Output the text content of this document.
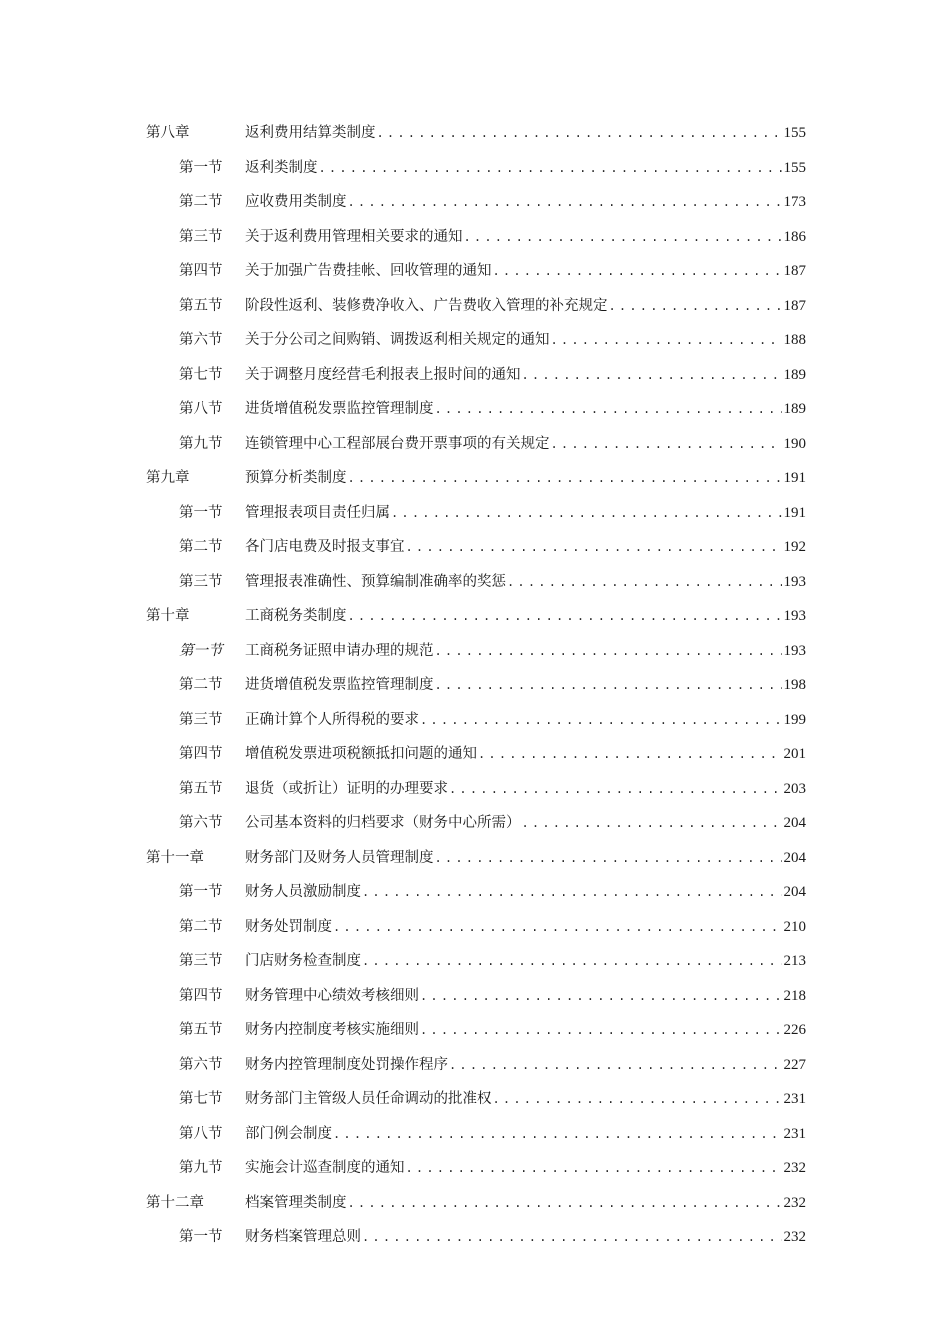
第八章	返利费用结算类制度 .....	155
第一节 返利类制度 .....	155
第二节 应收费用类制度 .....	173
第三节 关于返利费用管理相关要求的通知 .....	186
第四节 关于加强广告费挂帐、回收管理的通知 .....	187
第五节 阶段性返利、装修费净收入、广告费收入管理的补充规定 .....	187
第六节 关于分公司之间购销、调拨返利相关规定的通知 .....	188
第七节 关于调整月度经营毛利报表上报时间的通知 .....	189
第八节 进货增值税发票监控管理制度 .....	189
第九节 连锁管理中心工程部展台费开票事项的有关规定 .....	190
第九章	预算分析类制度 .....	191
第一节 管理报表项目责任归属 .....	191
第二节 各门店电费及时报支事宜 .....	192
第三节 管理报表准确性、预算编制准确率的奖惩 .....	193
第十章	工商税务类制度 .....	193
第一节 工商税务证照申请办理的规范 .....	193
第二节 进货增值税发票监控管理制度 .....	198
第三节 正确计算个人所得税的要求 .....	199
第四节 增值税发票进项税额抵扣问题的通知 .....	201
第五节 退货（或折让）证明的办理要求 .....	203
第六节 公司基本资料的归档要求（财务中心所需） .....	204
第十一章	财务部门及财务人员管理制度 .....	204
第一节 财务人员激励制度 .....	204
第二节 财务处罚制度 .....	210
第三节 门店财务检查制度 .....	213
第四节 财务管理中心绩效考核细则 .....	218
第五节 财务内控制度考核实施细则 .....	226
第六节 财务内控管理制度处罚操作程序 .....	227
第七节 财务部门主管级人员任命调动的批准权 .....	231
第八节 部门例会制度 .....	231
第九节 实施会计巡查制度的通知 .....	232
第十二章	档案管理类制度 .....	232
第一节 财务档案管理总则 .....	232
